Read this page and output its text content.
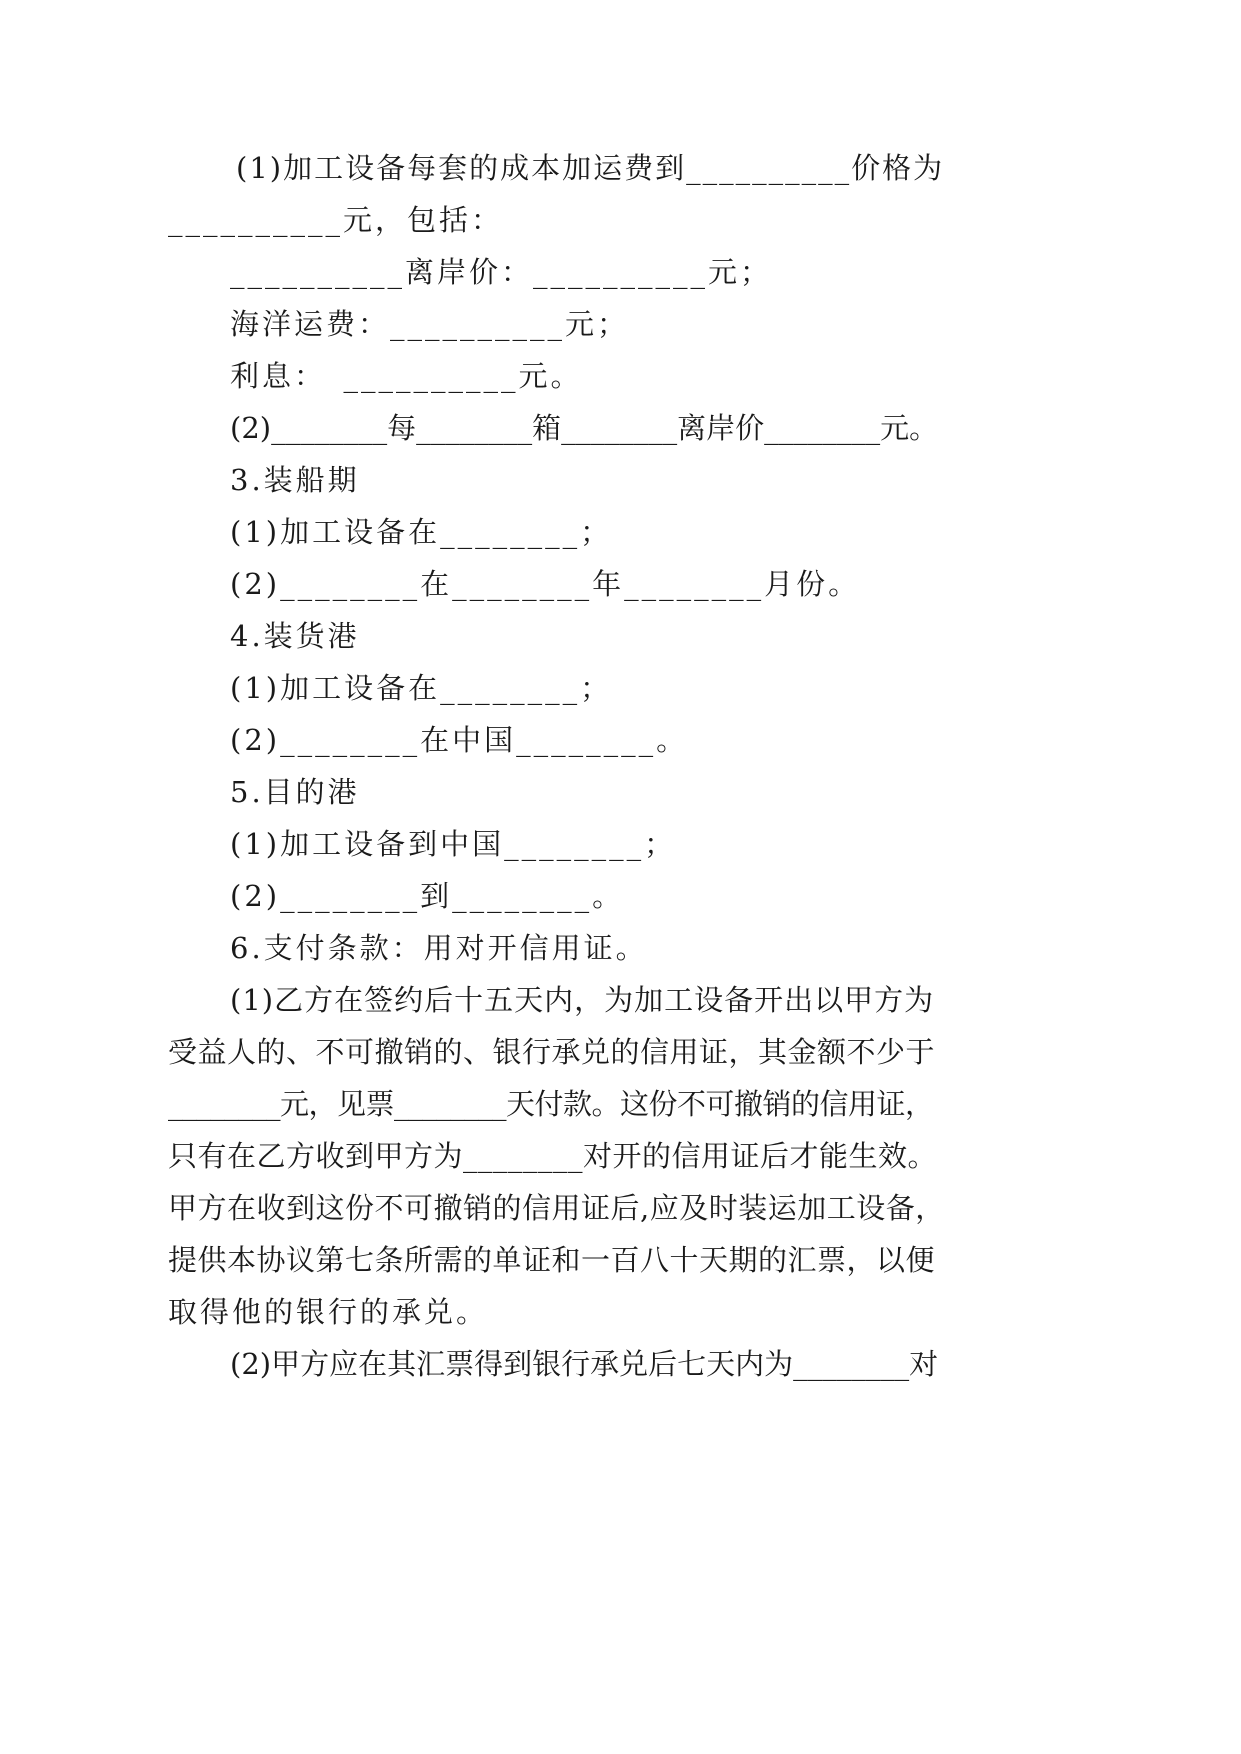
(1)加工设备每套的成本加运费到__________价格为
__________元，包括：
__________离岸价：__________元；
海洋运费：__________元；
利息：　__________元。
(2)________每________箱________离岸价________元。
3.装船期
(1)加工设备在________；
(2)________在________年________月份。
4.装货港
(1)加工设备在________；
(2)________在中国________。
5.目的港
(1)加工设备到中国________；
(2)________到________。
6.支付条款：用对开信用证。
(1)乙方在签约后十五天内，为加工设备开出以甲方为
受益人的、不可撤销的、银行承兑的信用证，其金额不少于
________元，见票________天付款。这份不可撤销的信用证，
只有在乙方收到甲方为________对开的信用证后才能生效。
甲方在收到这份不可撤销的信用证后,应及时装运加工设备，
提供本协议第七条所需的单证和一百八十天期的汇票，以便
取得他的银行的承兑。
(2)甲方应在其汇票得到银行承兑后七天内为________对
